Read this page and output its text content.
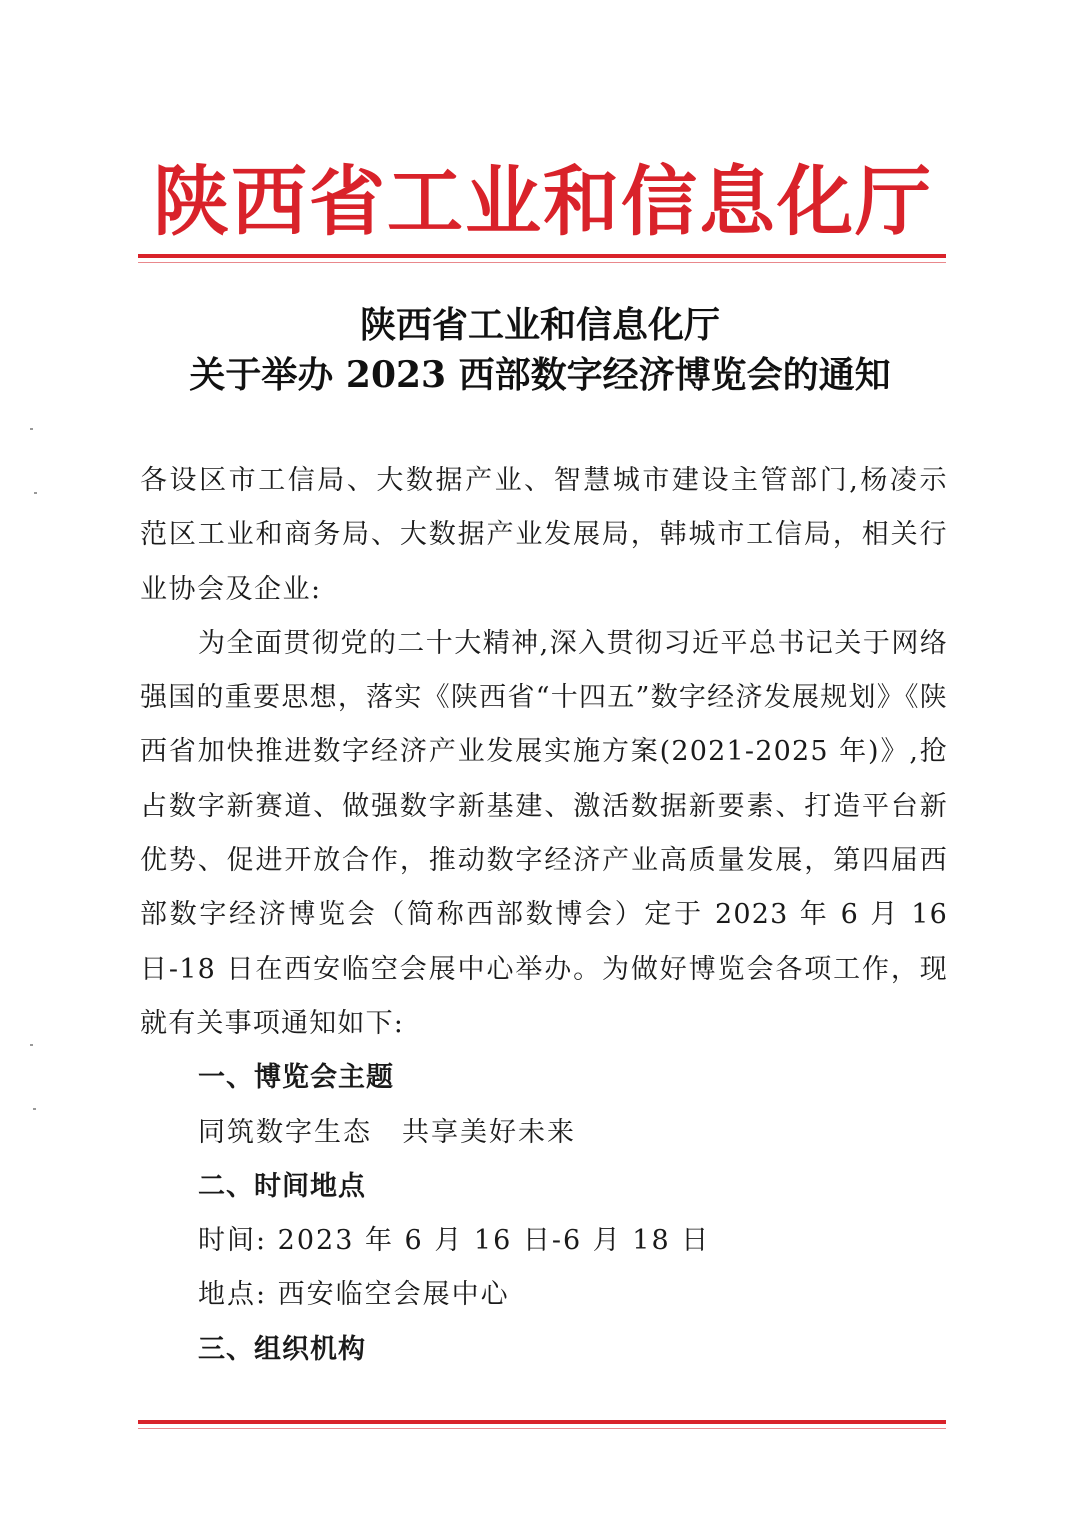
陕西省工业和信息化厅
陕西省工业和信息化厅
关于举办 2023 西部数字经济博览会的通知

各设区市工信局、大数据产业、智慧城市建设主管部门,杨凌示范区工业和商务局、大数据产业发展局，韩城市工信局，相关行业协会及企业:

为全面贯彻党的二十大精神,深入贯彻习近平总书记关于网络强国的重要思想，落实《陕西省“十四五”数字经济发展规划》《陕西省加快推进数字经济产业发展实施方案(2021-2025 年)》,抢占数字新赛道、做强数字新基建、激活数据新要素、打造平台新优势、促进开放合作，推动数字经济产业高质量发展，第四届西部数字经济博览会（简称西部数博会）定于 2023 年 6 月 16 日-18 日在西安临空会展中心举办。为做好博览会各项工作，现就有关事项通知如下:

一、博览会主题

同筑数字生态 共享美好未来

二、时间地点

时间: 2023 年 6 月 16 日-6 月 18 日

地点: 西安临空会展中心

三、组织机构
